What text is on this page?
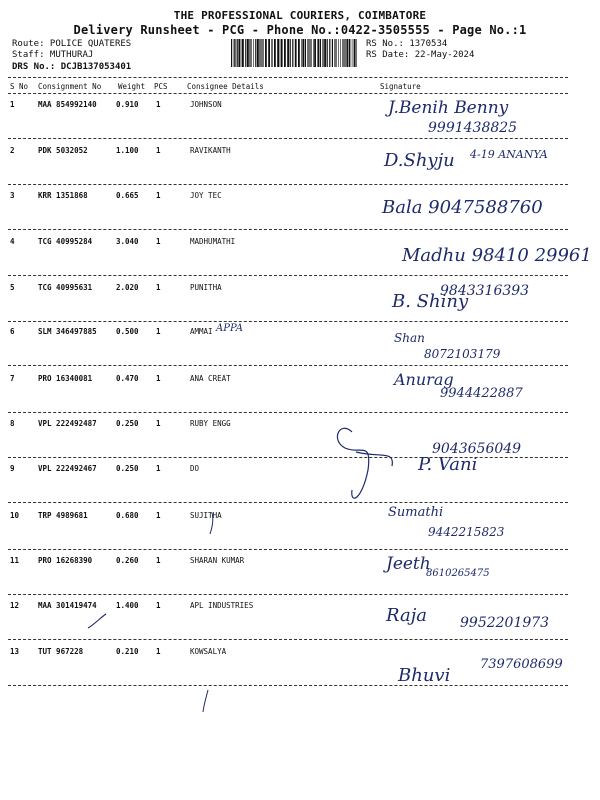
THE PROFESSIONAL COURIERS, COIMBATORE
Delivery Runsheet - PCG - Phone No.:0422-3505555 - Page No.:1
Route: POLICE QUATERES
Staff: MUTHURAJ
DRS No.: DCJB137053401
RS No.: 1370534
RS Date: 22-May-2024
S No Consignment No Weight PCS	Consignee Details	Signature
1	MAA 854992140	0.910 1	JOHNSON	J.Benih Benny
9991438825
2	PDK 5032052	1.100 1	RAVIKANTH	D.Shyju 4-19 ANANYA
3	KRR 1351868	0.665 1	JOY TEC
Bala 9047588760
4	TCG 40995284	3.040 1	MADHUMATHI
Madhu 98410 29961
5	TCG 40995631	2.020 1	PUNITHA
B. Shiny
9843316393
6	SLM 346497885	0.500 1	AMMAI APPA
Shan
8072103179
7	PRO 16340081	0.470 1	ANA CREAT	Anurag
9944422887
8	VPL 222492487	0.250 1	RUBY ENGG
9043656049
9	VPL 222492467	0.250 1	DO	P. Vani
10	TRP 4989681	0.680 1	SUJITHA	Sumathi
9442215823
11	PRO 16268390	0.260 1	SHARAN KUMAR	Jeeth
8610265475
12	MAA 301419474	1.400 1	APL INDUSTRIES	Raja 9952201973
13	TUT 967228	0.210 1	KOWSALYA
Bhuvi
7397608699
